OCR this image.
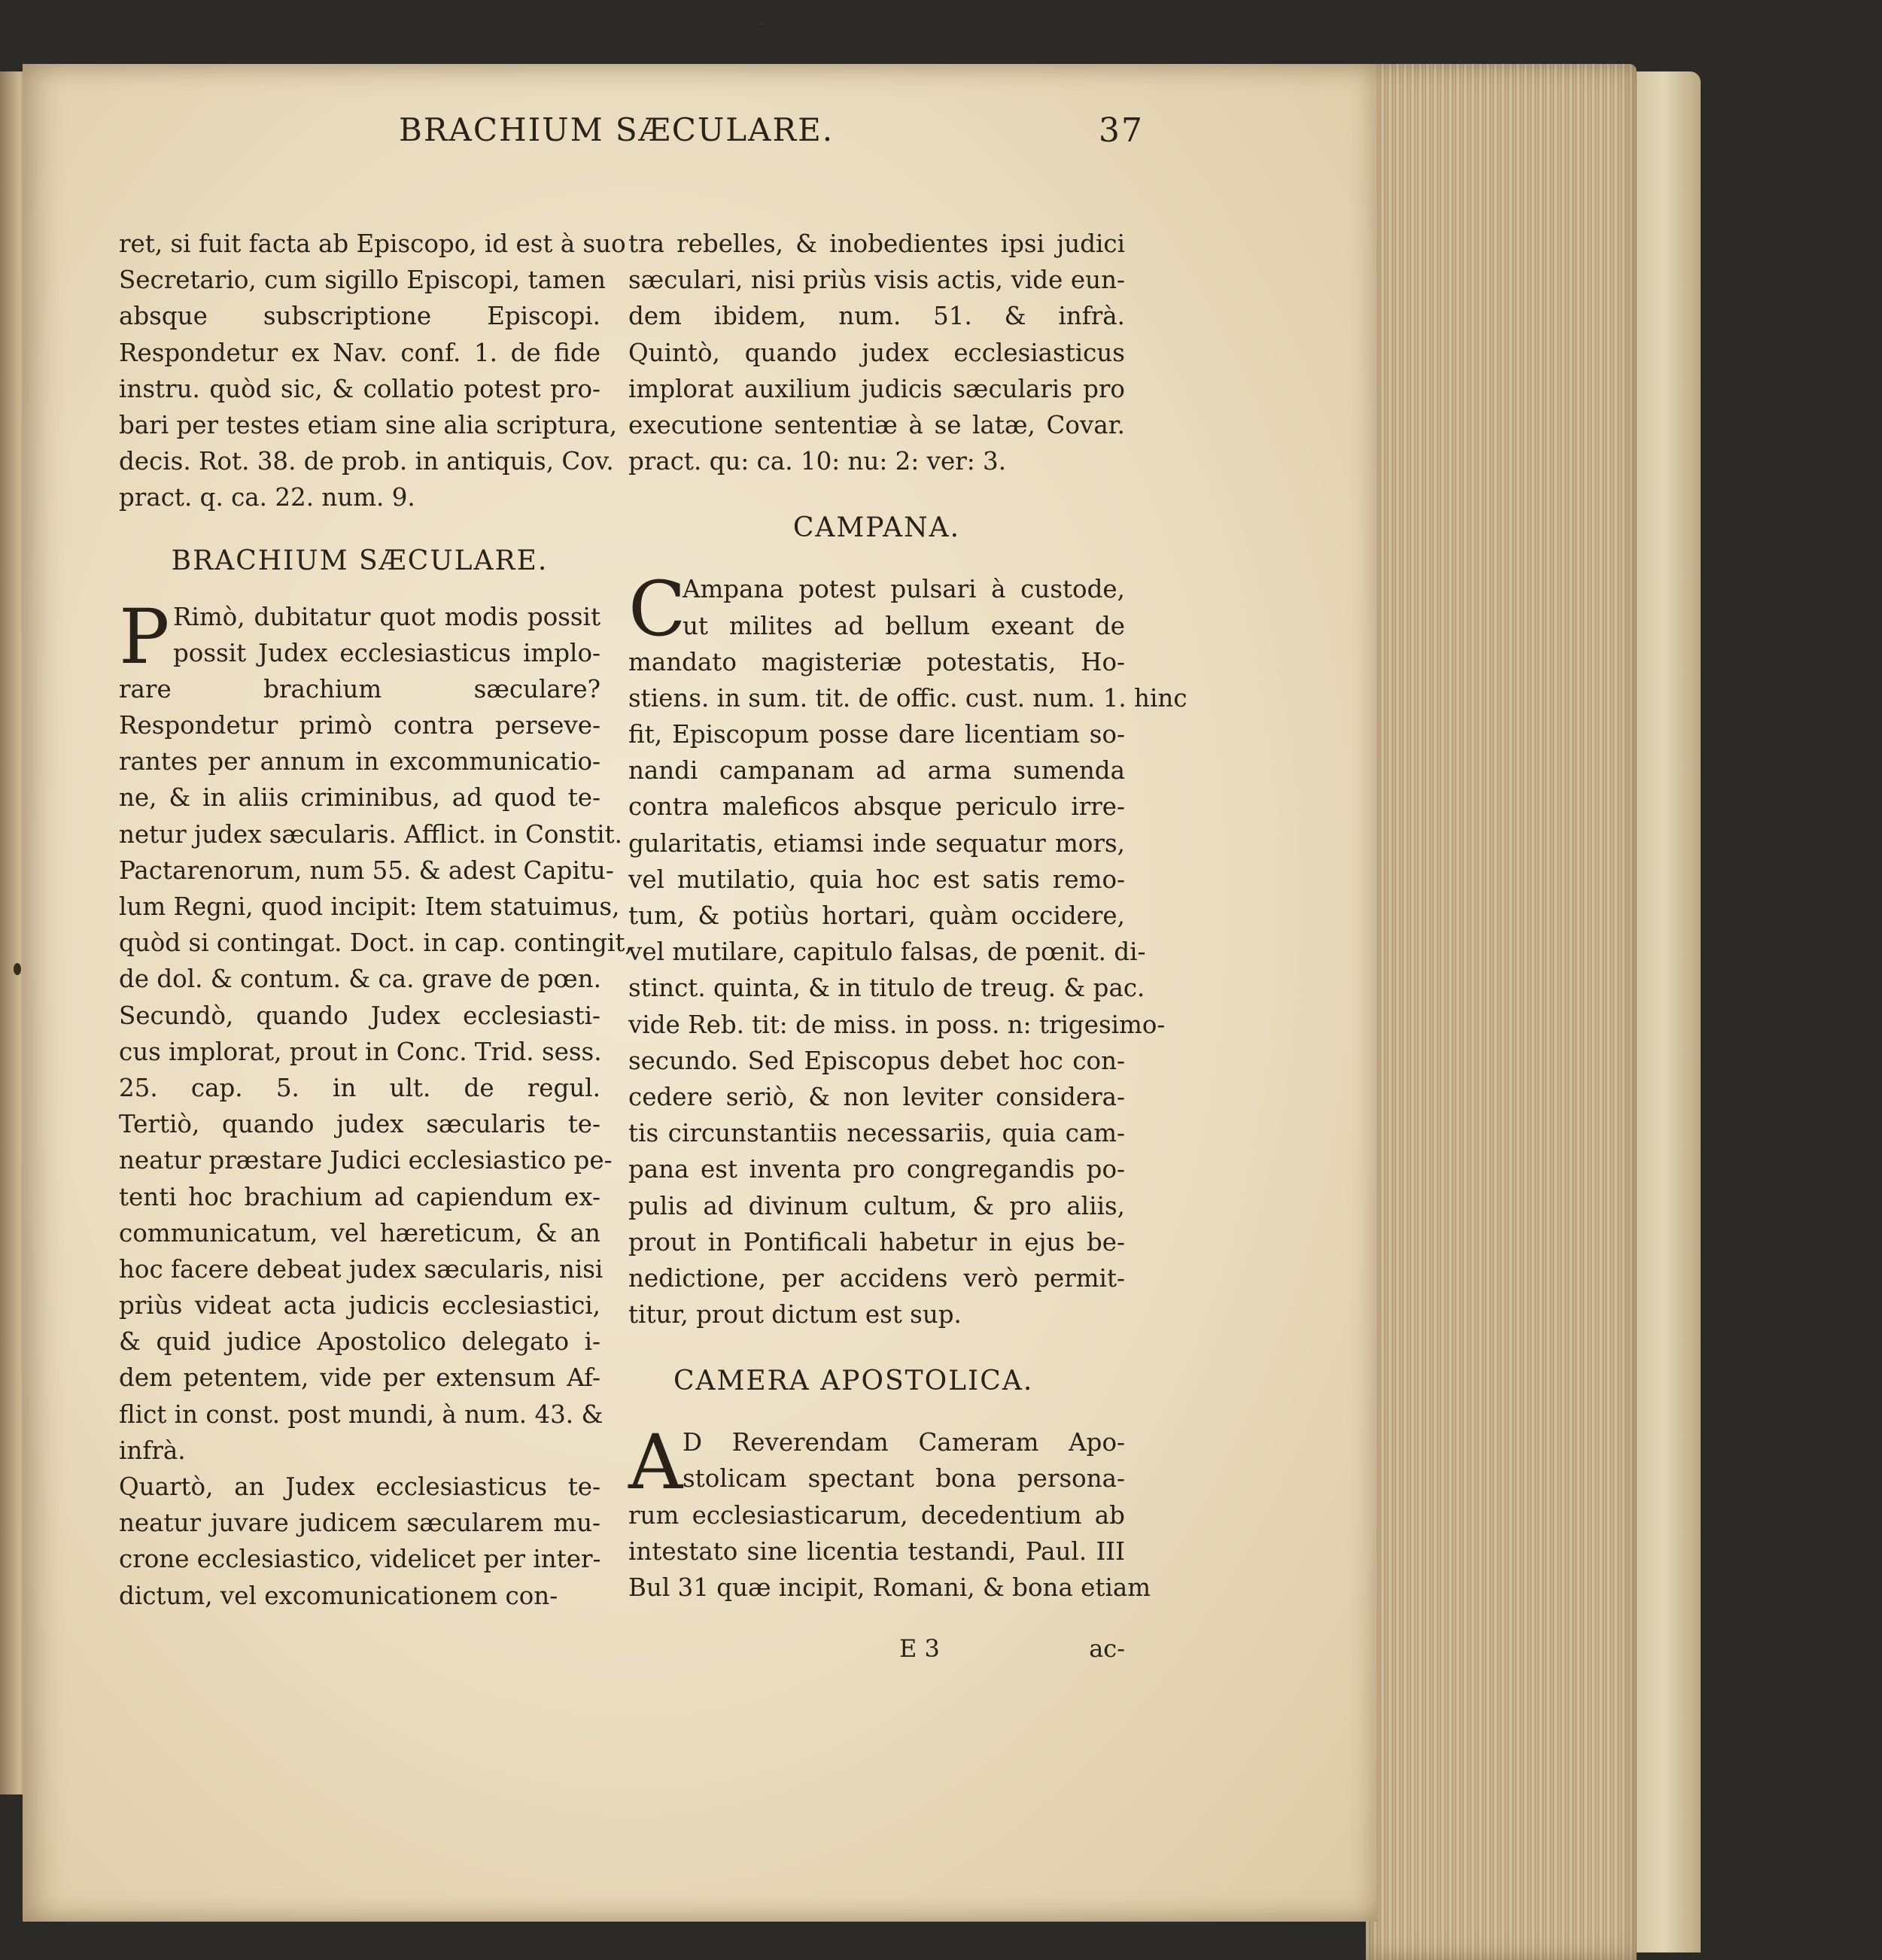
BRACHIUM SÆCULARE.	37
ret, si fuit facta ab Episcopo, id est à suo
Secretario, cum sigillo Episcopi, tamen
absque subscriptione Episcopi.
Respondetur ex Nav. conf. 1. de fide
instru. quòd sic, & collatio potest pro-
bari per testes etiam sine alia scriptura,
decis. Rot. 38. de prob. in antiquis, Cov.
pract. q. ca. 22. num. 9.
BRACHIUM SÆCULARE.
P Rimò, dubitatur quot modis possit
possit Judex ecclesiasticus implo-
rare brachium sæculare?
Respondetur primò contra perseve-
rantes per annum in excommunicatio-
ne, & in aliis criminibus, ad quod te-
netur judex sæcularis. Afflict. in Constit.
Pactarenorum, num 55. & adest Capitu-
lum Regni, quod incipit: Item statuimus,
quòd si contingat. Doct. in cap. contingit,
de dol. & contum. & ca. grave de pœn.
Secundò, quando Judex ecclesiasti-
cus implorat, prout in Conc. Trid. sess.
25. cap. 5. in ult. de regul.
Tertiò, quando judex sæcularis te-
neatur præstare Judici ecclesiastico pe-
tenti hoc brachium ad capiendum ex-
communicatum, vel hæreticum, & an
hoc facere debeat judex sæcularis, nisi
priùs videat acta judicis ecclesiastici,
& quid judice Apostolico delegato i-
dem petentem, vide per extensum Af-
flict in const. post mundi, à num. 43. &
infrà.
Quartò, an Judex ecclesiasticus te-
neatur juvare judicem sæcularem mu-
crone ecclesiastico, videlicet per inter-
dictum, vel excomunicationem con-
tra rebelles, & inobedientes ipsi judici
sæculari, nisi priùs visis actis, vide eun-
dem ibidem, num. 51. & infrà.
Quintò, quando judex ecclesiasticus
implorat auxilium judicis sæcularis pro
executione sententiæ à se latæ, Covar.
pract. qu: ca. 10: nu: 2: ver: 3.
CAMPANA.
C
Ampana potest pulsari à custode,
ut milites ad bellum exeant de
mandato magisteriæ potestatis, Ho-
stiens. in sum. tit. de offic. cust. num. 1. hinc
fit, Episcopum posse dare licentiam so-
nandi campanam ad arma sumenda
contra maleficos absque periculo irre-
gularitatis, etiamsi inde sequatur mors,
vel mutilatio, quia hoc est satis remo-
tum, & potiùs hortari, quàm occidere,
vel mutilare, capitulo falsas, de pœnit. di-
stinct. quinta, & in titulo de treug. & pac.
vide Reb. tit: de miss. in poss. n: trigesimo-
secundo. Sed Episcopus debet hoc con-
cedere seriò, & non leviter considera-
tis circunstantiis necessariis, quia cam-
pana est inventa pro congregandis po-
pulis ad divinum cultum, & pro aliis,
prout in Pontificali habetur in ejus be-
nedictione, per accidens verò permit-
titur, prout dictum est sup.
CAMERA APOSTOLICA.
A D Reverendam Cameram Apo-
stolicam spectant bona persona-
rum ecclesiasticarum, decedentium ab
intestato sine licentia testandi, Paul. III
Bul 31 quæ incipit, Romani, & bona etiam
E 3	ac-
